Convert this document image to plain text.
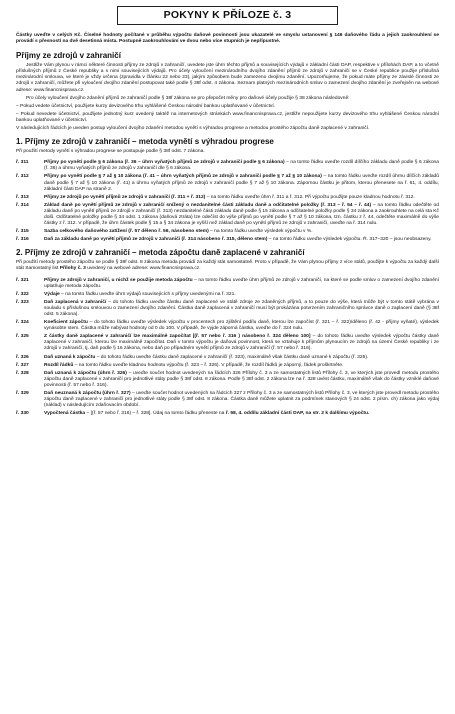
POKYNY K PŘÍLOZE č. 3

Částky uveďte v celých Kč. Číselné hodnoty počítané v průběhu výpočtu daňové povinnosti jsou ukazatelé ve smyslu ustanovení § 146 daňového řádu a jejich zaokrouhlení se provádí s přesností na dvě desetinná místa. Postupně zaokrouhlování ve dvou nebo více stupních je nepřípustné.

Příjmy ze zdrojů v zahraničí

Jestliže Vám plynou v rámci některé činnosti příjmy ze zdrojů v zahraničí, uvedete jste úhrn těchto příjmů a souvisejících výdajů v základní části DAP, respektive v přílohách DAP, a to včetně příslušných příjmů z České republiky a s nimi souvisejících výdajů. Pro účely vyloučení mezinárodního dvojího zdanění příjmů ze zdrojů v zahraničí se v České republice použije příslušná mezinárodní smlouva, ve které je vždy určena (zpravidla v článku 22 nebo 23), jakým způsobem bude zamezeno dvojímu zdanění. Upozorňujeme, že pokud máte příjmy ze závislé činnosti ze zdrojů v zahraničí, můžete při vyloučení dvojího zdanění postupovat také podle § 38f odst. 4 zákona. Seznam platných mezinárodních smluv o zamezení dvojího zdanění je zveřejněn na webové adrese: www.financnisprava.cz.

Pro účely vyloučení dvojího zdanění příjmů ze zahraničí podle § 38f zákona se pro přepočet měny pro daňové účely použije § 38 zákona následovně:

– Pokud vedete účetnictví, použijete kurzy devizového trhu vyhlášené Českou národní bankou uplatňované v účetnictví.

– Pokud nevedete účetnictví, použijete jednotný kurz uvedený taktéž na internetových stránkách www.financnisprava.cz, jestliže nepoužijete kurzy devizového trhu vyhlášené Českou národní bankou uplatňované v účetnictví.

V následujících řádcích je uveden postup vyloučení dvojího zdanění metodou vynětí s výhradou progrese a metodou prostého zápočtu daně zaplacené v zahraničí.

1. Příjmy ze zdrojů v zahraničí – metoda vynětí s výhradou progrese

Při použití metody vynětí s výhradou progrese se postupuje podle § 38f odst. 7 zákona.

ř. 311	Příjmy po vynětí podle § 6 zákona (ř. 36 – úhrn vyňatých příjmů ze zdrojů v zahraničí podle § 6 zákona) – na tomto řádku uveďte rozdíl dílčího základu daně podle § 6 zákona (ř. 36) a úhrnu vyňatých příjmů ze zdrojů v zahraničí dle § 6 zákona.
ř. 312	Příjmy po vynětí podle § 7 až § 10 zákona (ř. 41 – úhrn vyňatých příjmů ze zdrojů v zahraničí podle § 7 až § 10 zákona) – na tomto řádku uveďte rozdíl úhrnu dílčích základů daně podle § 7 až § 10 zákona (ř. 41) a úhrnu vyňatých příjmů ze zdrojů v zahraničí podle § 7 až § 10 zákona. Zápornou částku je přitom, kterou přenesete na ř. 61, 4. oddílu, základní části DAP na straně 2.
ř. 313	Příjmy ze zdrojů po vynětí příjmů ze zdrojů v zahraničí (ř. 311 + ř. 312) – na tomto řádku uveďte úhrn ř. 311 a ř. 312. Při výpočtu použijte pouze kladnou hodnotu ř. 312.
ř. 314	Základ daně po vynětí příjmů ze zdrojů v zahraničí snížený o nezdanitelné části základu daně a odčitatelné položky (ř. 313 – ř. 54 – ř. 44) – na tomto řádku odečtěte od základu daně po vynětí příjmů ze zdrojů v zahraničí (ř. 313) nezdanitelné části základu daně podle § 15 zákona a odčitatelné položky podle § 34 zákona a zaokrouhlete na celá sta Kč dolů. Odčitatelné položky podle § 34 odst. 1 zákona (daňová ztráta) lze odečíst do výše příjmů po vynětí podle § 7 až § 10 zákona, tzn. částku z ř. 44, odečtěte maximálně do výše částky z ř. 312. V případě, že úhrn částek podle § 15 a § 34 zákona je vyšší než základ daně po vynětí příjmů ze zdrojů v zahraničí, uveďte na ř. 314 nulu.
ř. 315	Sazba celkového daňového zatížení (ř. 57 děleno ř. 56, násobeno stem) – na tomto řádku uveďte výsledek výpočtu v %.
ř. 316	Daň za základu daně po vynětí příjmů ze zdrojů v zahraničí (ř. 314 násobeno ř. 315, děleno stem) – na tomto řádku uveďte výsledek výpočtu. Ř. 317–320 – jsou neobsazeny.
2. Příjmy ze zdrojů v zahraničí – metoda zápočtu daně zaplacené v zahraničí

Při použití metody prostého zápočtu se podle § 38f odst. 8 zákona metoda provádí za každý stát samostatně. Proto v případě, že Vám plynou příjmy z více států, použijte k výpočtu za každý další stát Samostatný list Přílohy č. 3 uvedený na webové adrese: www.financnisprava.cz.

ř. 321	Příjmy ze zdrojů v zahraničí, u nichž se použije metoda zápočtu – na tomto řádku uveďte úhrn příjmů ze zdrojů v zahraničí, na které se podle smluv o zamezení dvojího zdanění uplatňuje metoda zápočtu.
ř. 322	Výdaje – na tomto řádku uveďte úhrn výdajů souvisejících s příjmy uvedenými na ř. 321.
ř. 323	Daň zaplacená v zahraničí – do tohoto řádku uveďte částku daně zaplacené ve státě zdroje ze zdaněných příjmů, a to pouze do výše, která může být v tomto státě vybrána v souladu s příslušnou smlouvou o zamezení dvojího zdanění. Částka daně zaplacená v zahraničí musí být prokázána potvrzením zahraničního správce daně o zaplacení daně (§ 38f odst. 5 zákona).
ř. 324	Koeficient zápočtu – do tohoto řádku uveďte výsledek výpočtu v procentech pro zjištění podílu daně, kterou lze započíst (ř. 321 – ř. 322)/děleno (ř. 42 - příjmy vyňaté), výsledek vynásobte stem. Částka může nabývat hodnoty od 0 do 100. V případě, že vyjde záporná částka, uveďte do ř. 324 nulu.
ř. 325	Z částky daně zaplacené v zahraničí lze maximálně započítat [(ř. 57 nebo ř. 316 ) násobeno ř. 324 děleno 100] – do tohoto řádku uveďte výsledek výpočtu částky daně zaplacené v zahraničí, kterou lze maximálně započítat. Daň v tomto výpočtu je daňová povinnost, která se vztahuje k příjmům plynoucím ze zdrojů na území České republiky i ze zdrojů v zahraničí, tj. daň podle § 16 zákona, nebo daň po případném vynětí příjmů ze zdrojů v zahraničí (ř. 57 nebo ř. 316).
ř. 326	Daň uznaná k zápočtu – do tohoto řádku uveďte částku daně zaplacené v zahraničí (ř. 323), maximálně však částku daně uznané k zápočtu (ř. 325).
ř. 327	Rozdíl řádků – na tomto řádku uveďte kladnou hodnotu výpočtu (ř. 323 – ř. 326). V případě, že rozdíl řádků je záporný, řádek proškrtněte.
ř. 328	Daň uznaná k zápočtu (úhrn ř. 326) – uveďte součet hodnot uvedených na řádcích 326 Přílohy č. 3 a ze samostatných listů Přílohy č. 3, ve kterých jste provedl metodu prostého zápočtu daně zaplacené v zahraničí pro jednotlivé státy podle § 38f odst. 8 zákona. Podle § 38f odst. 2 zákona lze na ř. 328 uvést částku, maximálně však do částky vzniklé daňové povinnosti (ř. 57 nebo ř. 316).
ř. 329	Daň neuznaná k zápočtu (úhrn ř. 327) – uveďte součet hodnot uvedených na řádcích 327 z Přílohy č. 3 a ze samostatných listů Přílohy č. 3, ve kterých jste provedl metodu prostého zápočtu daně zaplacené v zahraničí pro jednotlivé státy podle § 38f odst. 8 zákona. Částka daně můžete uplatnit za podmínek stanových § 24 odst. 2 písm. ch) zákona jako výdaj (náklad) v následujícím zdaňovacím období.
ř. 330	Vypočtená částka – [(ř. 57 nebo ř. 316) – ř. 328]. Údaj na tomto řádku přeneste na ř. 58, 4. oddílu základní části DAP, na str. 2 k dalšímu výpočtu.
